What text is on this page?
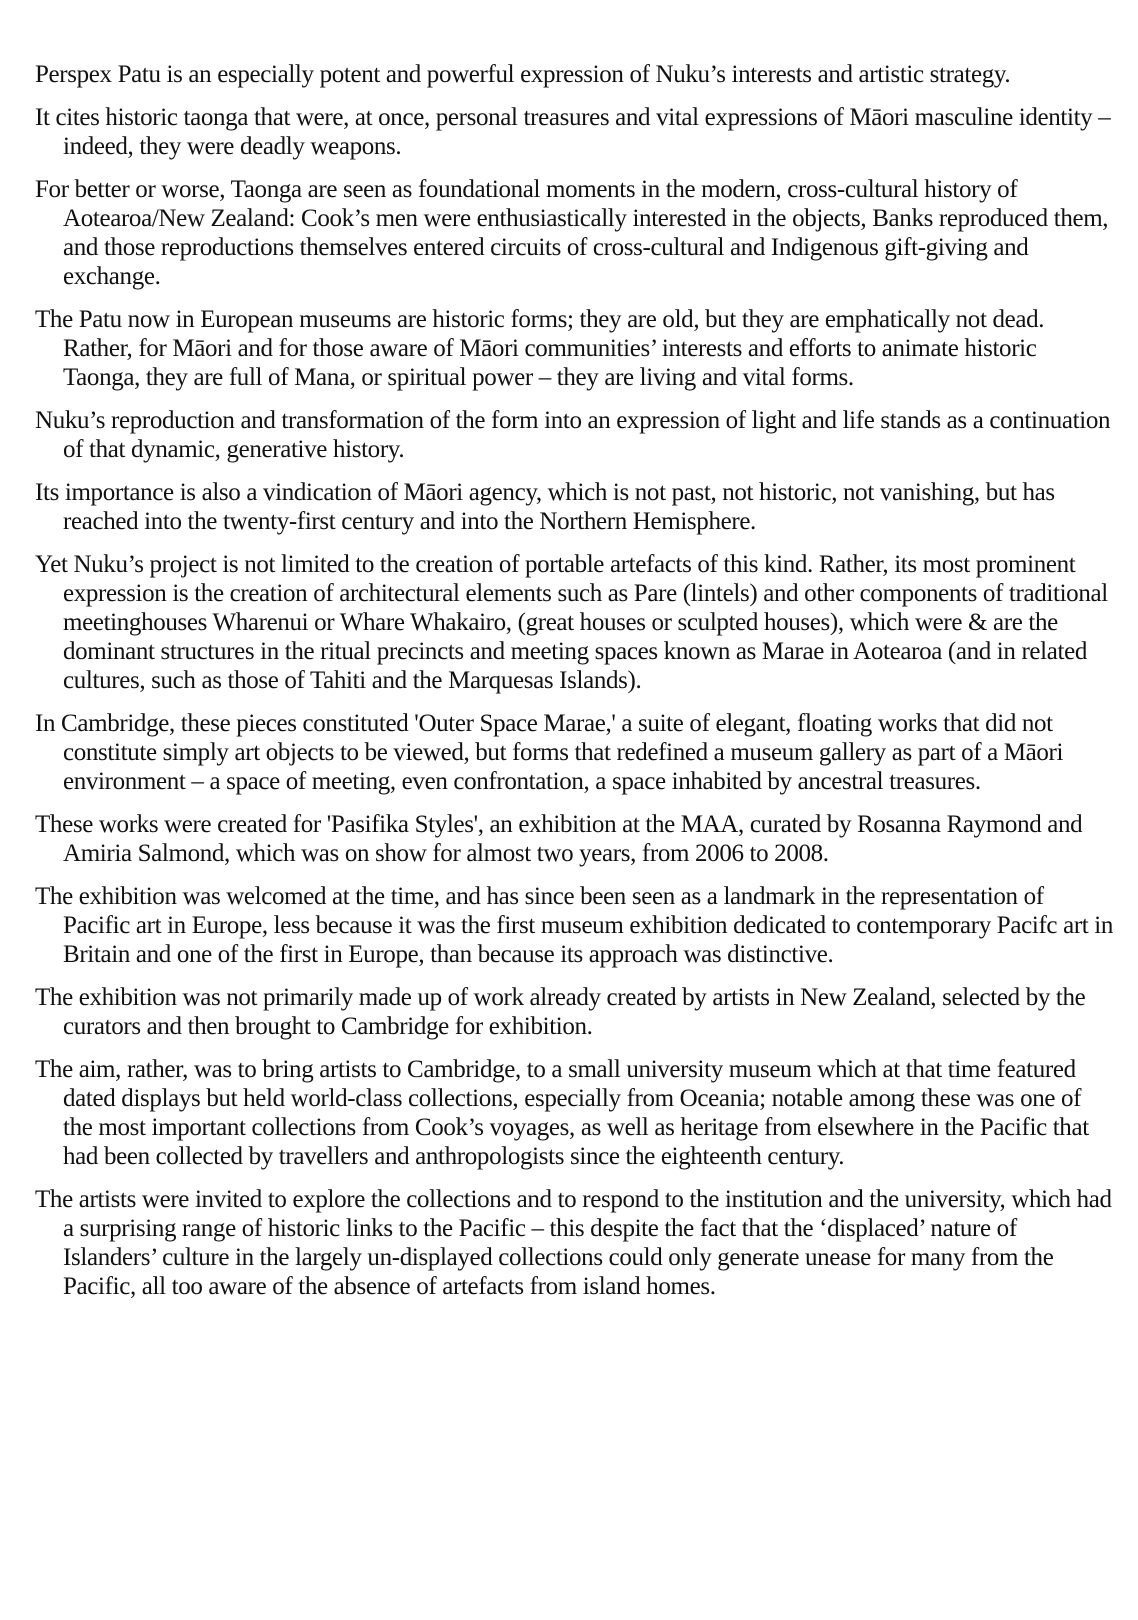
Perspex Patu is an especially potent and powerful expression of Nuku’s interests and artistic strategy.

It cites historic taonga that were, at once, personal treasures and vital expressions of Māori masculine identity – indeed, they were deadly weapons.

For better or worse, Taonga are seen as foundational moments in the modern, cross-cultural history of Aotearoa/New Zealand: Cook’s men were enthusiastically interested in the objects, Banks reproduced them, and those reproductions themselves entered circuits of cross-cultural and Indigenous gift-giving and exchange.

The Patu now in European museums are historic forms; they are old, but they are emphatically not dead. Rather, for Māori and for those aware of Māori communities’ interests and efforts to animate historic Taonga, they are full of Mana, or spiritual power – they are living and vital forms.

Nuku’s reproduction and transformation of the form into an expression of light and life stands as a continuation of that dynamic, generative history.

Its importance is also a vindication of Māori agency, which is not past, not historic, not vanishing, but has reached into the twenty-first century and into the Northern Hemisphere.

Yet Nuku’s project is not limited to the creation of portable artefacts of this kind. Rather, its most prominent expression is the creation of architectural elements such as Pare (lintels) and other components of traditional meetinghouses Wharenui or Whare Whakairo, (great houses or sculpted houses), which were & are the dominant structures in the ritual precincts and meeting spaces known as Marae in Aotearoa (and in related cultures, such as those of Tahiti and the Marquesas Islands).

In Cambridge, these pieces constituted 'Outer Space Marae,' a suite of elegant, floating works that did not constitute simply art objects to be viewed, but forms that redefined a museum gallery as part of a Māori environment – a space of meeting, even confrontation, a space inhabited by ancestral treasures.

These works were created for 'Pasifika Styles', an exhibition at the MAA, curated by Rosanna Raymond and Amiria Salmond, which was on show for almost two years, from 2006 to 2008.

The exhibition was welcomed at the time, and has since been seen as a landmark in the representation of Pacific art in Europe, less because it was the first museum exhibition dedicated to contemporary Pacifc art in Britain and one of the first in Europe, than because its approach was distinctive.

The exhibition was not primarily made up of work already created by artists in New Zealand, selected by the curators and then brought to Cambridge for exhibition.

The aim, rather, was to bring artists to Cambridge, to a small university museum which at that time featured dated displays but held world-class collections, especially from Oceania; notable among these was one of the most important collections from Cook’s voyages, as well as heritage from elsewhere in the Pacific that had been collected by travellers and anthropologists since the eighteenth century.

The artists were invited to explore the collections and to respond to the institution and the university, which had a surprising range of historic links to the Pacific – this despite the fact that the ‘displaced’ nature of Islanders’ culture in the largely un-displayed collections could only generate unease for many from the Pacific, all too aware of the absence of artefacts from island homes.
